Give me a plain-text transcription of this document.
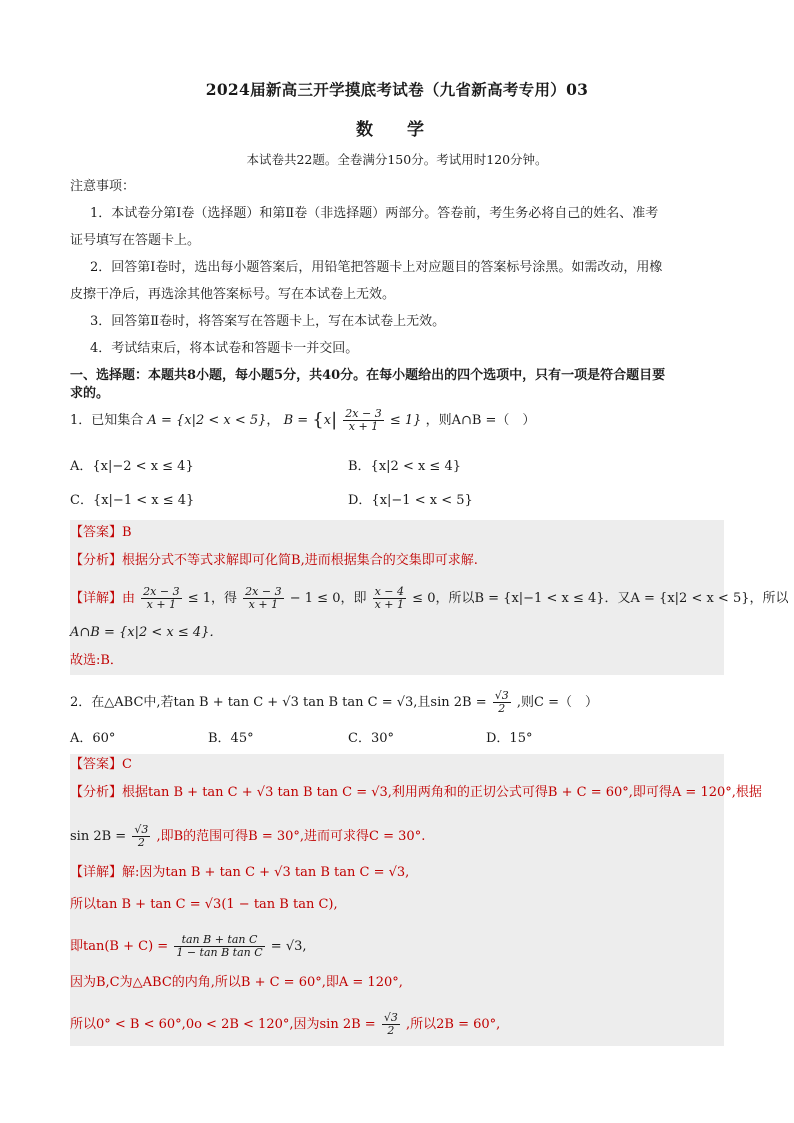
2024届新高三开学摸底考试卷（九省新高考专用）03
数 学
本试卷共22题。全卷满分150分。考试用时120分钟。
注意事项：
1．本试卷分第Ⅰ卷（选择题）和第Ⅱ卷（非选择题）两部分。答卷前，考生务必将自己的姓名、准考
证号填写在答题卡上。
2．回答第Ⅰ卷时，选出每小题答案后，用铅笔把答题卡上对应题目的答案标号涂黑。如需改动，用橡
皮擦干净后，再选涂其他答案标号。写在本试卷上无效。
3．回答第Ⅱ卷时，将答案写在答题卡上，写在本试卷上无效。
4．考试结束后，将本试卷和答题卡一并交回。
一、选择题：本题共8小题，每小题5分，共40分。在每小题给出的四个选项中，只有一项是符合题目要
求的。
1．已知集合 A = {x|2 < x < 5}， $B = \{x| \frac{2x - 3}{x + 1} \le 1\}$ ，则A∩B =（　）
A．{x|−2 < x ≤ 4}	B．{x|2 < x ≤ 4}
C．{x|−1 < x ≤ 4}	D．{x|−1 < x < 5}
【答案】B
【分析】根据分式不等式求解即可化简B,进而根据集合的交集即可求解.
【详解】由 $\frac{2x - 3}{x + 1} \le 1$，得 $\frac{2x - 3}{x + 1} - 1 \le 0$，即 $\frac{x - 4}{x + 1} \le 0$，所以B = {x|−1 < x ≤ 4}．又A = {x|2 < x < 5}，所以
A∩B = {x|2 < x ≤ 4}．
故选:B．
2．在△ABC中,若tan B + tan C + √3 tan B tan C = √3,且$\sin 2B = \frac{√3}{2}$ ,则C =（　）
A．60°	B．45°	C．30°	D．15°
【答案】C
【分析】根据tan B + tan C + √3 tan B tan C = √3,利用两角和的正切公式可得B + C = 60°,即可得A = 120°,根据
$\sin 2B = \frac{√3}{2}$ ,即B的范围可得B = 30°,进而可求得C = 30°.
【详解】解:因为tan B + tan C + √3 tan B tan C = √3,
所以tan B + tan C = √3(1 − tan B tan C),
即$\tan(B + C) = \frac{\text{tan B + tan C}}{\text{1 − tan B tan C}} = √3$,
因为B,C为△ABC的内角,所以B + C = 60°,即A = 120°,
所以0° < B < 60°,0o < 2B < 120°,因为$\sin 2B = \frac{√3}{2}$ ,所以2B = 60°,
